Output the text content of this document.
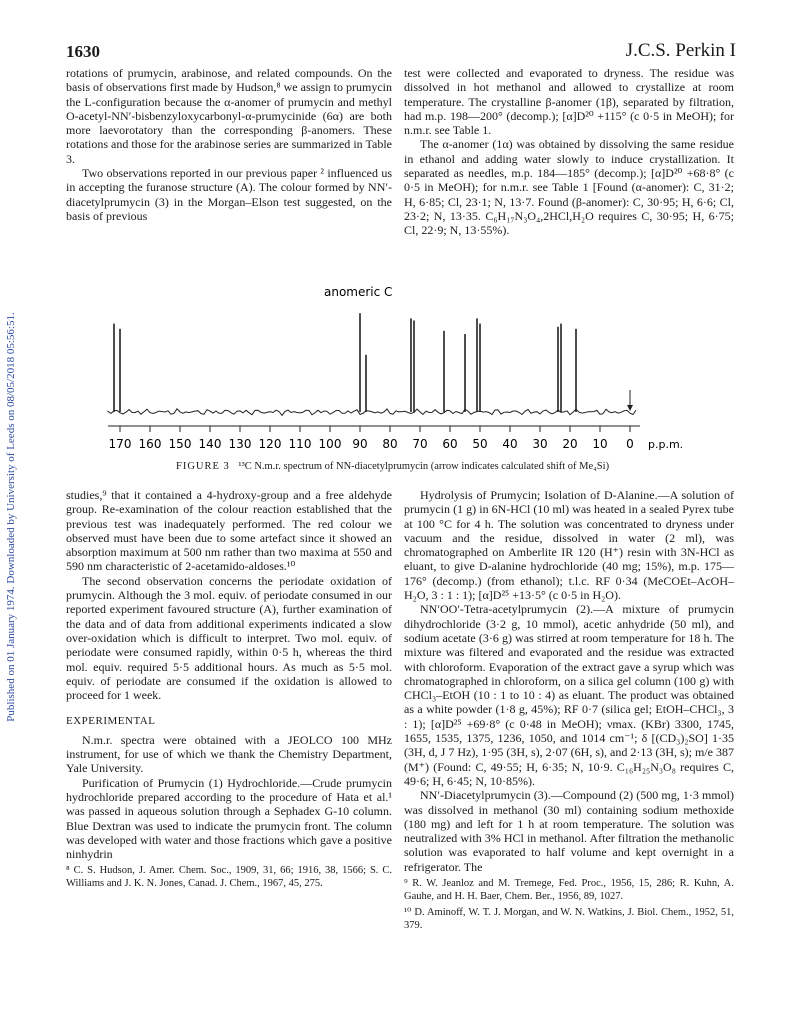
Published on 01 January 1974. Downloaded by University of Leeds on 08/05/2018 05:56:51.
1630	J.C.S. Perkin I

rotations of prumycin, arabinose, and related compounds. On the basis of observations first made by Hudson,⁸ we assign to prumycin the L-configuration because the α-anomer of prumycin and methyl O-acetyl-NN′-bisbenzyloxycarbonyl-α-prumycinide (6α) are both more laevorotatory than the corresponding β-anomers. These rotations and those for the arabinose series are summarized in Table 3.

Two observations reported in our previous paper ² influenced us in accepting the furanose structure (A). The colour formed by NN′-diacetylprumycin (3) in the Morgan–Elson test suggested, on the basis of previous

test were collected and evaporated to dryness. The residue was dissolved in hot methanol and allowed to crystallize at room temperature. The crystalline β-anomer (1β), separated by filtration, had m.p. 198—200° (decomp.); [α]D²⁰ +115° (c 0·5 in MeOH); for n.m.r. see Table 1.

The α-anomer (1α) was obtained by dissolving the same residue in ethanol and adding water slowly to induce crystallization. It separated as needles, m.p. 184—185° (decomp.); [α]D²⁰ +68·8° (c 0·5 in MeOH); for n.m.r. see Table 1 [Found (α-anomer): C, 31·2; H, 6·85; Cl, 23·1; N, 13·7. Found (β-anomer): C, 30·95; H, 6·6; Cl, 23·2; N, 13·35. C₆H₁₇N₃O₄,2HCl,H₂O requires C, 30·95; H, 6·75; Cl, 22·9; N, 13·55%).

anomeric C
170 160 150 140 130 120 110 100 90 80 70 60 50 40 30 20 10 0 p.p.m.
FIGURE 3 ¹³C N.m.r. spectrum of NN-diacetylprumycin (arrow indicates calculated shift of Me₄Si)

studies,⁹ that it contained a 4-hydroxy-group and a free aldehyde group. Re-examination of the colour reaction established that the previous test was inadequately performed. The red colour we observed must have been due to some artefact since it showed an absorption maximum at 500 nm rather than two maxima at 550 and 590 nm characteristic of 2-acetamido-aldoses.¹⁰

The second observation concerns the periodate oxidation of prumycin. Although the 3 mol. equiv. of periodate consumed in our reported experiment favoured structure (A), further examination of the data and of data from additional experiments indicated a slow over-oxidation which is difficult to interpret. Two mol. equiv. of periodate were consumed rapidly, within 0·5 h, whereas the third mol. equiv. required 5·5 additional hours. As much as 5·5 mol. equiv. of periodate are consumed if the oxidation is allowed to proceed for 1 week.

EXPERIMENTAL

N.m.r. spectra were obtained with a JEOLCO 100 MHz instrument, for use of which we thank the Chemistry Department, Yale University.

Purification of Prumycin (1) Hydrochloride.—Crude prumycin hydrochloride prepared according to the procedure of Hata et al.¹ was passed in aqueous solution through a Sephadex G-10 column. Blue Dextran was used to indicate the prumycin front. The column was developed with water and those fractions which gave a positive ninhydrin

⁸ C. S. Hudson, J. Amer. Chem. Soc., 1909, 31, 66; 1916, 38, 1566; S. C. Williams and J. K. N. Jones, Canad. J. Chem., 1967, 45, 275.

Hydrolysis of Prumycin; Isolation of D-Alanine.—A solution of prumycin (1 g) in 6N-HCl (10 ml) was heated in a sealed Pyrex tube at 100 °C for 4 h. The solution was concentrated to dryness under vacuum and the residue, dissolved in water (2 ml), was chromatographed on Amberlite IR 120 (H⁺) resin with 3N-HCl as eluant, to give D-alanine hydrochloride (40 mg; 15%), m.p. 175—176° (decomp.) (from ethanol); t.l.c. RF 0·34 (MeCOEt–AcOH–H₂O, 3 : 1 : 1); [α]D²⁵ +13·5° (c 0·5 in H₂O).

NN′OO′-Tetra-acetylprumycin (2).—A mixture of prumycin dihydrochloride (3·2 g, 10 mmol), acetic anhydride (50 ml), and sodium acetate (3·6 g) was stirred at room temperature for 18 h. The mixture was filtered and evaporated and the residue was extracted with chloroform. Evaporation of the extract gave a syrup which was chromatographed in chloroform, on a silica gel column (100 g) with CHCl₃–EtOH (10 : 1 to 10 : 4) as eluant. The product was obtained as a white powder (1·8 g, 45%); RF 0·7 (silica gel; EtOH–CHCl₃, 3 : 1); [α]D²⁵ +69·8° (c 0·48 in MeOH); νmax. (KBr) 3300, 1745, 1655, 1535, 1375, 1236, 1050, and 1014 cm⁻¹; δ [(CD₃)₂SO] 1·35 (3H, d, J 7 Hz), 1·95 (3H, s), 2·07 (6H, s), and 2·13 (3H, s); m/e 387 (M⁺) (Found: C, 49·55; H, 6·35; N, 10·9. C₁₆H₂₅N₃O₈ requires C, 49·6; H, 6·45; N, 10·85%).

NN′-Diacetylprumycin (3).—Compound (2) (500 mg, 1·3 mmol) was dissolved in methanol (30 ml) containing sodium methoxide (180 mg) and left for 1 h at room temperature. The solution was neutralized with 3% HCl in methanol. After filtration the methanolic solution was evaporated to half volume and kept overnight in a refrigerator. The

⁹ R. W. Jeanloz and M. Tremege, Fed. Proc., 1956, 15, 286; R. Kuhn, A. Gauhe, and H. H. Baer, Chem. Ber., 1956, 89, 1027.

¹⁰ D. Aminoff, W. T. J. Morgan, and W. N. Watkins, J. Biol. Chem., 1952, 51, 379.
